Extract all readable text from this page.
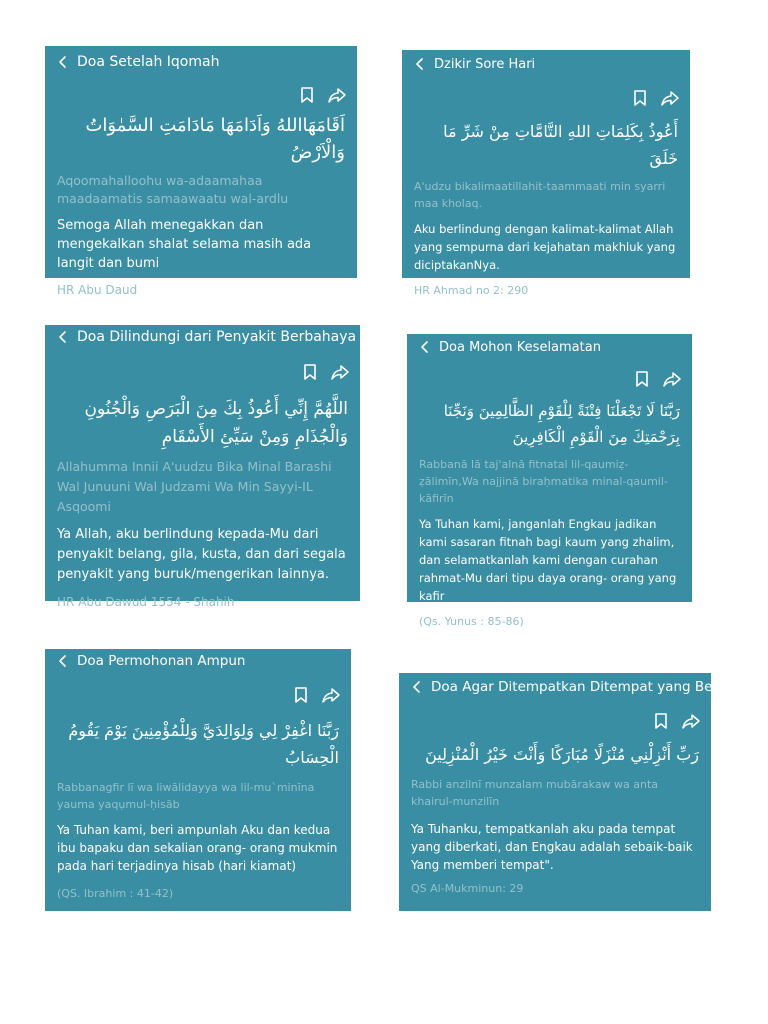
Doa Setelah Iqomah
اَقَامَهَااللهُ وَاَدَامَهَا مَادَامَتِ السَّمٰوَاتُ وَالْاَرْضُ
Aqoomahalloohu wa-adaamahaa maadaamatis samaawaatu wal-ardlu
Semoga Allah menegakkan dan mengekalkan shalat selama masih ada langit dan bumi
HR Abu Daud
Dzikir Sore Hari
أَعُوذُ بِكَلِمَاتِ اللهِ التَّامَّاتِ مِنْ شَرِّ مَا خَلَقَ
A'udzu bikalimaatillahit-taammaati min syarri maa kholaq.
Aku berlindung dengan kalimat-kalimat Allah yang sempurna dari kejahatan makhluk yang diciptakanNya.
HR Ahmad no 2: 290
Doa Dilindungi dari Penyakit Berbahaya
اللَّهُمَّ إِنِّي أَعُوذُ بِكَ مِنَ الْبَرَصِ وَالْجُنُونِ وَالْجُذَامِ وَمِنْ سَيِّئِ الأَسْقَامِ
Allahumma Innii A'uudzu Bika Minal Barashi Wal Junuuni Wal Judzami Wa Min Sayyi-IL Asqoomi
Ya Allah, aku berlindung kepada-Mu dari penyakit belang, gila, kusta, dan dari segala penyakit yang buruk/mengerikan lainnya.
HR Abu Dawud 1554 - Shahih
Doa Mohon Keselamatan
رَبَّنَا لَا تَجْعَلْنَا فِتْنَةً لِلْقَوْمِ الظَّالِمِينَ وَنَجِّنَا بِرَحْمَتِكَ مِنَ الْقَوْمِ الْكَافِرِينَ
Rabbanā lā taj'alnā fitnatal lil-qaumiẓ-ẓālimīn,Wa najjinā biraḥmatika minal-qaumil-kāfirīn
Ya Tuhan kami, janganlah Engkau jadikan kami sasaran fitnah bagi kaum yang zhalim, dan selamatkanlah kami dengan curahan rahmat-Mu dari tipu daya orang- orang yang kafir
(Qs. Yunus : 85-86)
Doa Permohonan Ampun
رَبَّنَا اغْفِرْ لِي وَلِوَالِدَيَّ وَلِلْمُؤْمِنِينَ يَوْمَ يَقُومُ الْحِسَابُ
Rabbanagfir lī wa liwālidayya wa lil-mu`minīna yauma yaqụmul-ḥisāb
Ya Tuhan kami, beri ampunlah Aku dan kedua ibu bapaku dan sekalian orang- orang mukmin pada hari terjadinya hisab (hari kiamat)
(QS. Ibrahim : 41-42)
Doa Agar Ditempatkan Ditempat yang Ber...
رَبِّ أَنْزِلْنِي مُنْزَلًا مُبَارَكًا وَأَنْتَ خَيْرُ الْمُنْزِلِينَ
Rabbi anzilnī munzalam mubārakaw wa anta khairul-munzilīn
Ya Tuhanku, tempatkanlah aku pada tempat yang diberkati, dan Engkau adalah sebaik-baik Yang memberi tempat".
QS Al-Mukminun: 29
